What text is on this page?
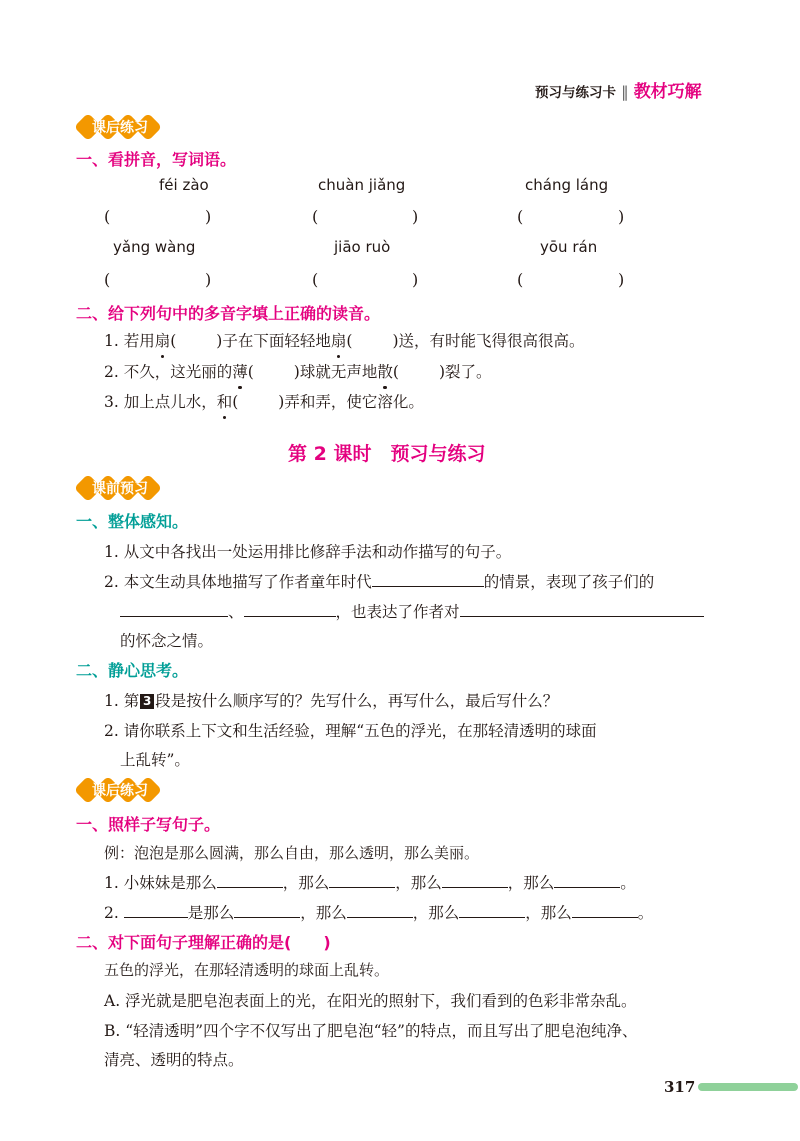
预习与练习卡 ‖ 教材巧解
课后练习
一、看拼音，写词语。
féi zào	chuàn jiǎng	cháng láng
(	)	(	)	(	)
yǎng wàng	jiāo ruò	yōu rán
(	)	(	)	(	)
二、给下列句中的多音字填上正确的读音。
1. 若用扇(	)子在下面轻轻地扇(	)送，有时能飞得很高很高。
2. 不久，这光丽的薄(	)球就无声地散(	)裂了。
3. 加上点儿水，和(	)弄和弄，使它溶化。
第 2 课时　预习与练习
课前预习
一、整体感知。
1. 从文中各找出一处运用排比修辞手法和动作描写的句子。
2. 本文生动具体地描写了作者童年时代	的情景，表现了孩子们的
、	，也表达了作者对
的怀念之情。
二、静心思考。
1. 第 3 段是按什么顺序写的？先写什么，再写什么，最后写什么？
2. 请你联系上下文和生活经验，理解“五色的浮光，在那轻清透明的球面
上乱转”。
课后练习
一、照样子写句子。
例：泡泡是那么圆满，那么自由，那么透明，那么美丽。
1. 小妹妹是那么	，那么	，那么	，那么	。
2.	是那么	，那么	，那么	，那么	。
二、对下面句子理解正确的是(　　)
五色的浮光，在那轻清透明的球面上乱转。
A. 浮光就是肥皂泡表面上的光，在阳光的照射下，我们看到的色彩非常杂乱。
B. “轻清透明”四个字不仅写出了肥皂泡“轻”的特点，而且写出了肥皂泡纯净、
清亮、透明的特点。
317
